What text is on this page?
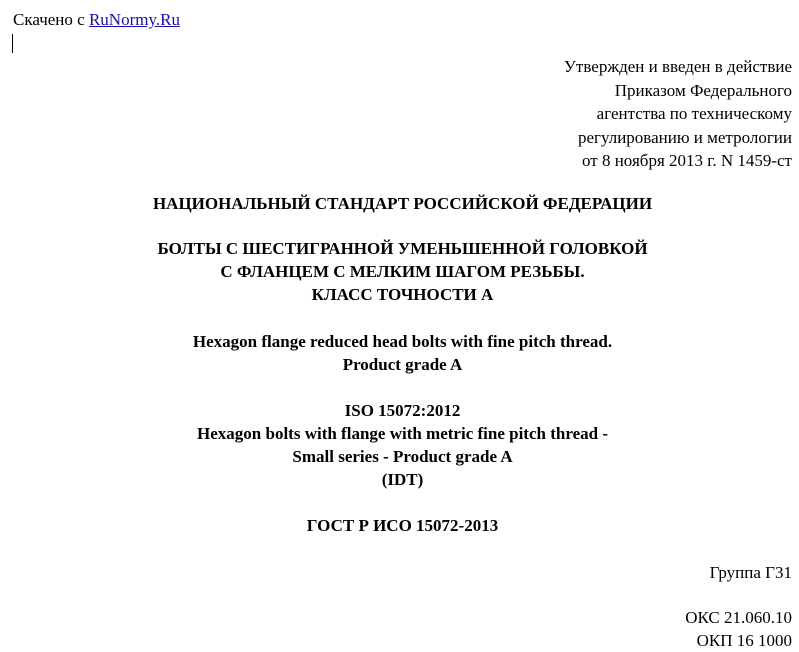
Скачено с RuNormy.Ru
Утвержден и введен в действие
Приказом Федерального
агентства по техническому
регулированию и метрологии
от 8 ноября 2013 г. N 1459-ст
НАЦИОНАЛЬНЫЙ СТАНДАРТ РОССИЙСКОЙ ФЕДЕРАЦИИ
БОЛТЫ С ШЕСТИГРАННОЙ УМЕНЬШЕННОЙ ГОЛОВКОЙ
С ФЛАНЦЕМ С МЕЛКИМ ШАГОМ РЕЗЬБЫ.
КЛАСС ТОЧНОСТИ А
Hexagon flange reduced head bolts with fine pitch thread.
Product grade A
ISO 15072:2012
Hexagon bolts with flange with metric fine pitch thread -
Small series - Product grade A
(IDT)
ГОСТ Р ИСО 15072-2013
Группа Г31
ОКС 21.060.10
ОКП 16 1000
